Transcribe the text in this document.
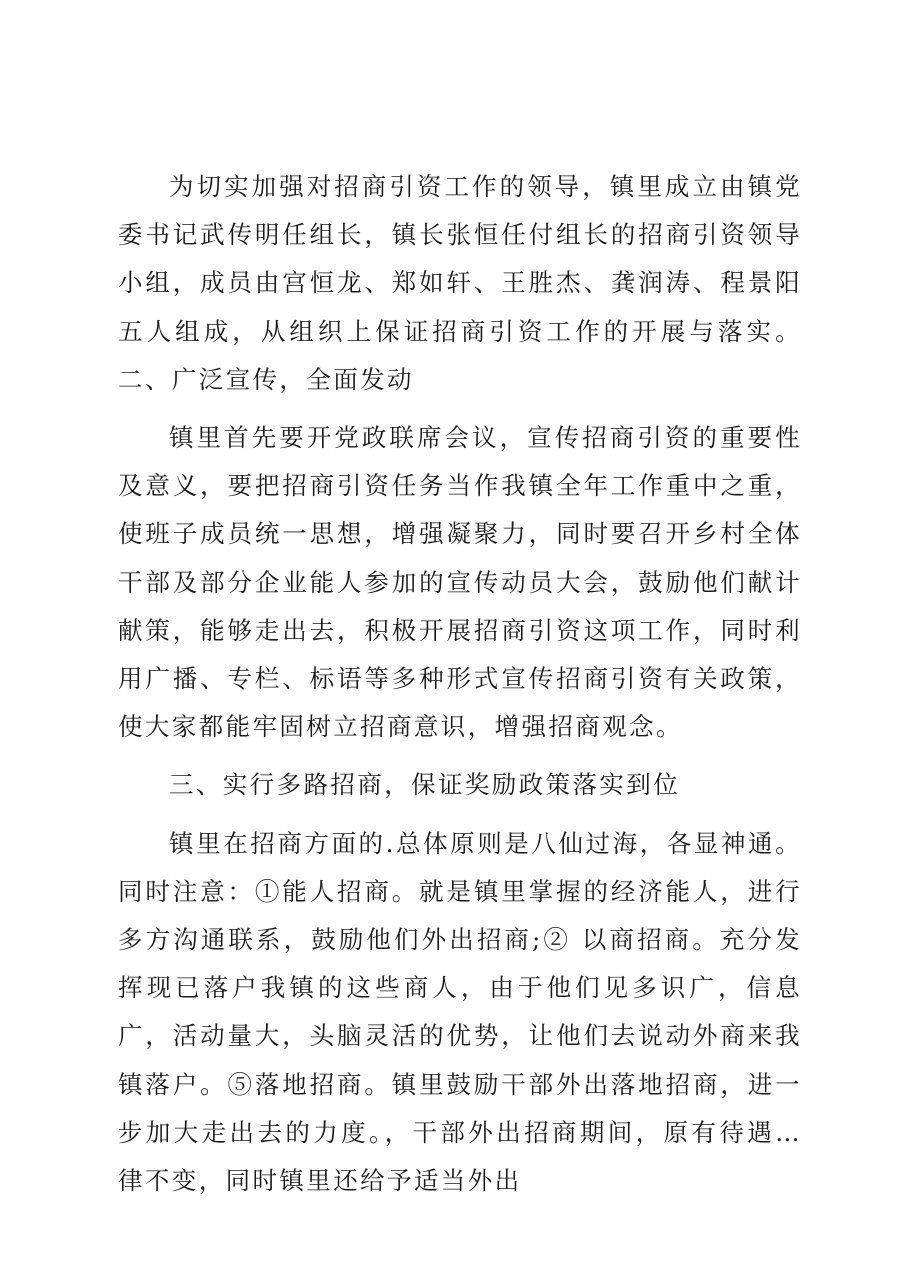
为切实加强对招商引资工作的领导，镇里成立由镇党委书记武传明任组长，镇长张恒任付组长的招商引资领导小组，成员由宫恒龙、郑如轩、王胜杰、龚润涛、程景阳五人组成，从组织上保证招商引资工作的开展与落实。二、广泛宣传，全面发动

镇里首先要开党政联席会议，宣传招商引资的重要性及意义，要把招商引资任务当作我镇全年工作重中之重，使班子成员统一思想，增强凝聚力，同时要召开乡村全体干部及部分企业能人参加的宣传动员大会，鼓励他们献计献策，能够走出去，积极开展招商引资这项工作，同时利用广播、专栏、标语等多种形式宣传招商引资有关政策，使大家都能牢固树立招商意识，增强招商观念。

三、实行多路招商，保证奖励政策落实到位

镇里在招商方面的.总体原则是八仙过海，各显神通。同时注意：①能人招商。就是镇里掌握的经济能人，进行多方沟通联系，鼓励他们外出招商;② 以商招商。充分发挥现已落户我镇的这些商人，由于他们见多识广，信息广，活动量大，头脑灵活的优势，让他们去说动外商来我镇落户。⑤落地招商。镇里鼓励干部外出落地招商，进一步加大走出去的力度。，干部外出招商期间，原有待遇…律不变，同时镇里还给予适当外出
